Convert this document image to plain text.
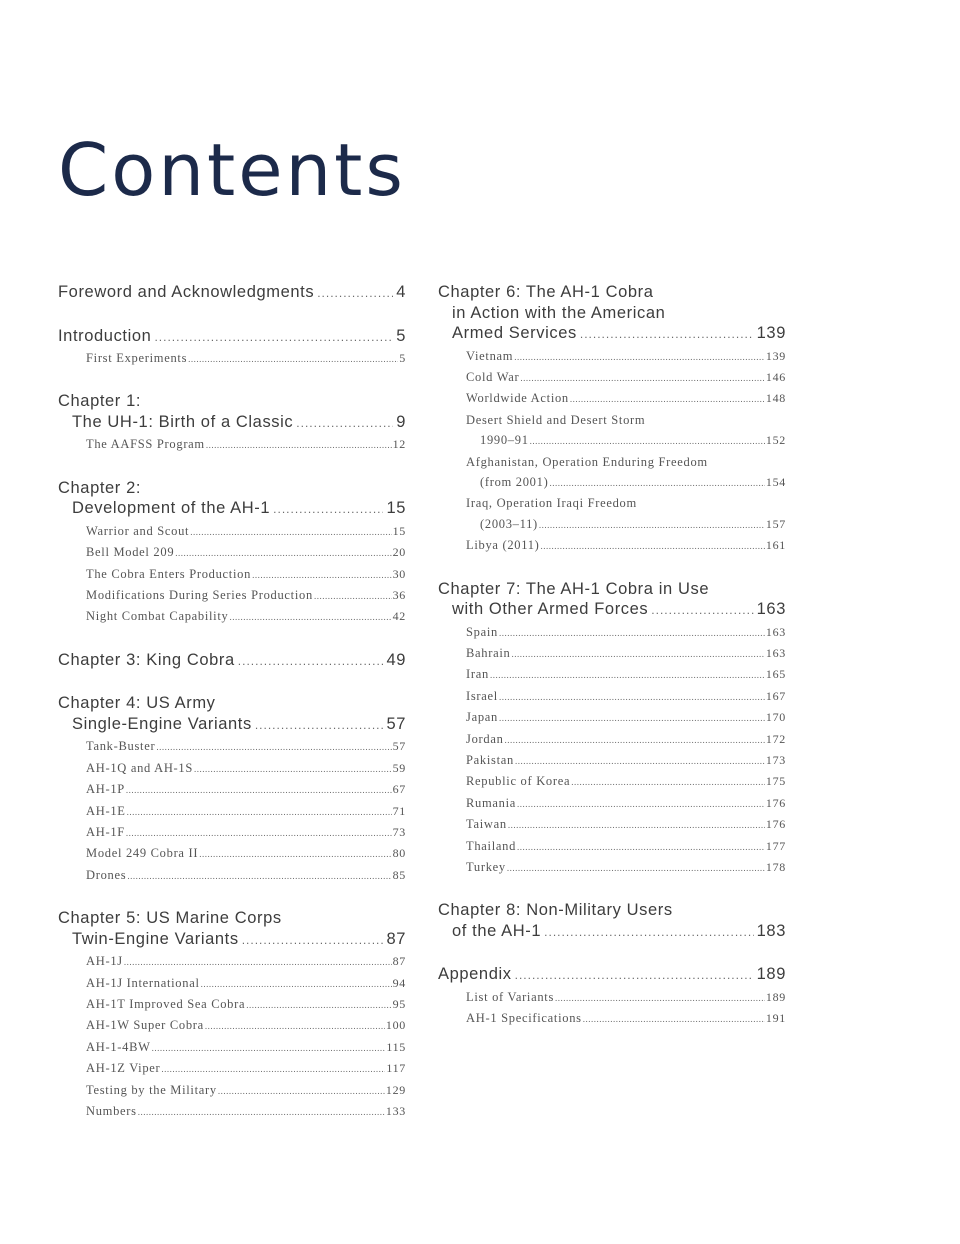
Contents
Foreword and Acknowledgments .....	4
Introduction .....	5
First Experiments .....	5
Chapter 1:
The UH-1: Birth of a Classic .....	9
The AAFSS Program .....	12
Chapter 2:
Development of the AH-1 .....	15
Warrior and Scout .....	15
Bell Model 209 .....	20
The Cobra Enters Production .....	30
Modifications During Series Production .....	36
Night Combat Capability .....	42
Chapter 3: King Cobra .....	49
Chapter 4: US Army
Single-Engine Variants .....	57
Tank-Buster .....	57
AH-1Q and AH-1S .....	59
AH-1P .....	67
AH-1E .....	71
AH-1F .....	73
Model 249 Cobra II .....	80
Drones .....	85
Chapter 5: US Marine Corps
Twin-Engine Variants .....	87
AH-1J .....	87
AH-1J International .....	94
AH-1T Improved Sea Cobra .....	95
AH-1W Super Cobra .....	100
AH-1-4BW .....	115
AH-1Z Viper .....	117
Testing by the Military .....	129
Numbers .....	133
Chapter 6: The AH-1 Cobra
in Action with the American
Armed Services .....	139
Vietnam .....	139
Cold War .....	146
Worldwide Action .....	148
Desert Shield and Desert Storm
1990–91 .....	152
Afghanistan, Operation Enduring Freedom
(from 2001) .....	154
Iraq, Operation Iraqi Freedom
(2003–11) .....	157
Libya (2011) .....	161
Chapter 7: The AH-1 Cobra in Use
with Other Armed Forces .....	163
Spain .....	163
Bahrain .....	163
Iran .....	165
Israel .....	167
Japan .....	170
Jordan .....	172
Pakistan .....	173
Republic of Korea .....	175
Rumania .....	176
Taiwan .....	176
Thailand .....	177
Turkey .....	178
Chapter 8: Non-Military Users
of the AH-1 .....	183
Appendix .....	189
List of Variants .....	189
AH-1 Specifications .....	191
